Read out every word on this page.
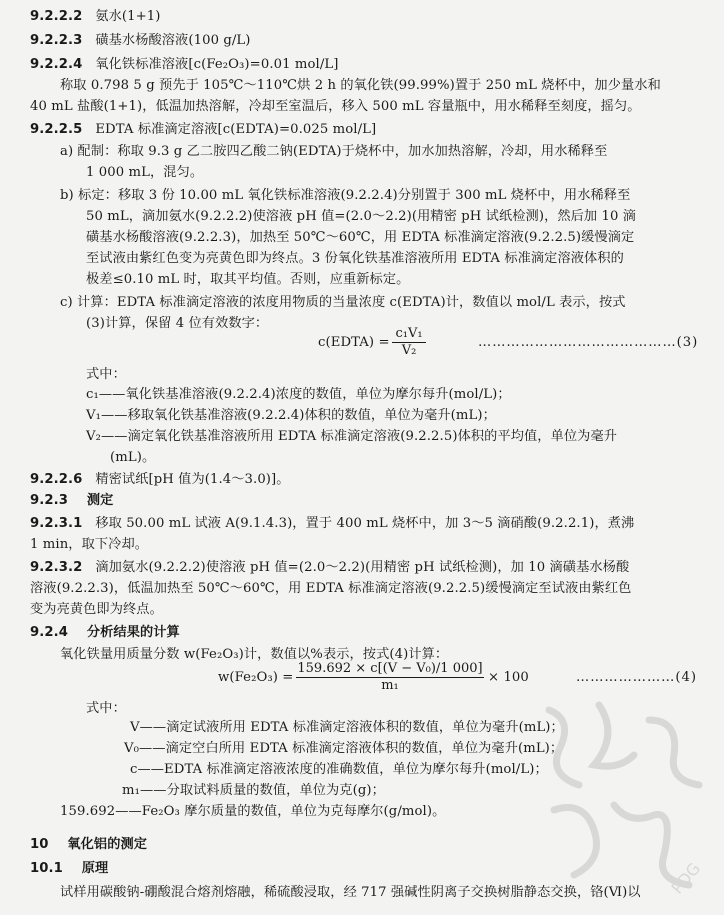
9.2.2.2 氨水(1+1)
9.2.2.3 磺基水杨酸溶液(100 g/L)
9.2.2.4 氧化铁标准溶液[c(Fe₂O₃)=0.01 mol/L]
称取 0.798 5 g 预先于 105℃～110℃烘 2 h 的氧化铁(99.99%)置于 250 mL 烧杯中，加少量水和
40 mL 盐酸(1+1)，低温加热溶解，冷却至室温后，移入 500 mL 容量瓶中，用水稀释至刻度，摇匀。
9.2.2.5 EDTA 标准滴定溶液[c(EDTA)=0.025 mol/L]
a) 配制：称取 9.3 g 乙二胺四乙酸二钠(EDTA)于烧杯中，加水加热溶解，冷却，用水稀释至
1 000 mL，混匀。
b) 标定：移取 3 份 10.00 mL 氧化铁标准溶液(9.2.2.4)分别置于 300 mL 烧杯中，用水稀释至
50 mL，滴加氨水(9.2.2.2)使溶液 pH 值=(2.0～2.2)(用精密 pH 试纸检测)，然后加 10 滴
磺基水杨酸溶液(9.2.2.3)，加热至 50℃～60℃，用 EDTA 标准滴定溶液(9.2.2.5)缓慢滴定
至试液由紫红色变为亮黄色即为终点。3 份氧化铁基准溶液所用 EDTA 标准滴定溶液体积的
极差≤0.10 mL 时，取其平均值。否则，应重新标定。
c) 计算：EDTA 标准滴定溶液的浓度用物质的当量浓度 c(EDTA)计，数值以 mol/L 表示，按式
(3)计算，保留 4 位有效数字：
c(EDTA) = $\frac{\text{c₁V₁}}{\text{V₂}}$	……………………………………(3)
式中：
c₁——氧化铁基准溶液(9.2.2.4)浓度的数值，单位为摩尔每升(mol/L)；
V₁——移取氧化铁基准溶液(9.2.2.4)体积的数值，单位为毫升(mL)；
V₂——滴定氧化铁基准溶液所用 EDTA 标准滴定溶液(9.2.2.5)体积的平均值，单位为毫升
(mL)。
9.2.2.6 精密试纸[pH 值为(1.4～3.0)]。
9.2.3 测定
9.2.3.1 移取 50.00 mL 试液 A(9.1.4.3)，置于 400 mL 烧杯中，加 3～5 滴硝酸(9.2.2.1)，煮沸
1 min，取下冷却。
9.2.3.2 滴加氨水(9.2.2.2)使溶液 pH 值=(2.0～2.2)(用精密 pH 试纸检测)，加 10 滴磺基水杨酸
溶液(9.2.2.3)，低温加热至 50℃～60℃，用 EDTA 标准滴定溶液(9.2.2.5)缓慢滴定至试液由紫红色
变为亮黄色即为终点。
9.2.4 分析结果的计算
氧化铁量用质量分数 w(Fe₂O₃)计，数值以%表示，按式(4)计算：
$w(Fe_2O_3) = \frac{\text{159.692 × c[(V − V₀)/1 000]}}{\text{m₁}} \times 100$	…………………(4)
式中：
V——滴定试液所用 EDTA 标准滴定溶液体积的数值，单位为毫升(mL)；
V₀——滴定空白所用 EDTA 标准滴定溶液体积的数值，单位为毫升(mL)；
c——EDTA 标准滴定溶液浓度的准确数值，单位为摩尔每升(mol/L)；
m₁——分取试料质量的数值，单位为克(g)；
159.692——Fe₂O₃ 摩尔质量的数值，单位为克每摩尔(g/mol)。
10 氧化铝的测定
10.1 原理
试样用碳酸钠-硼酸混合熔剂熔融，稀硫酸浸取，经 717 强碱性阴离子交换树脂静态交换，铬(Ⅵ)以 PDG
